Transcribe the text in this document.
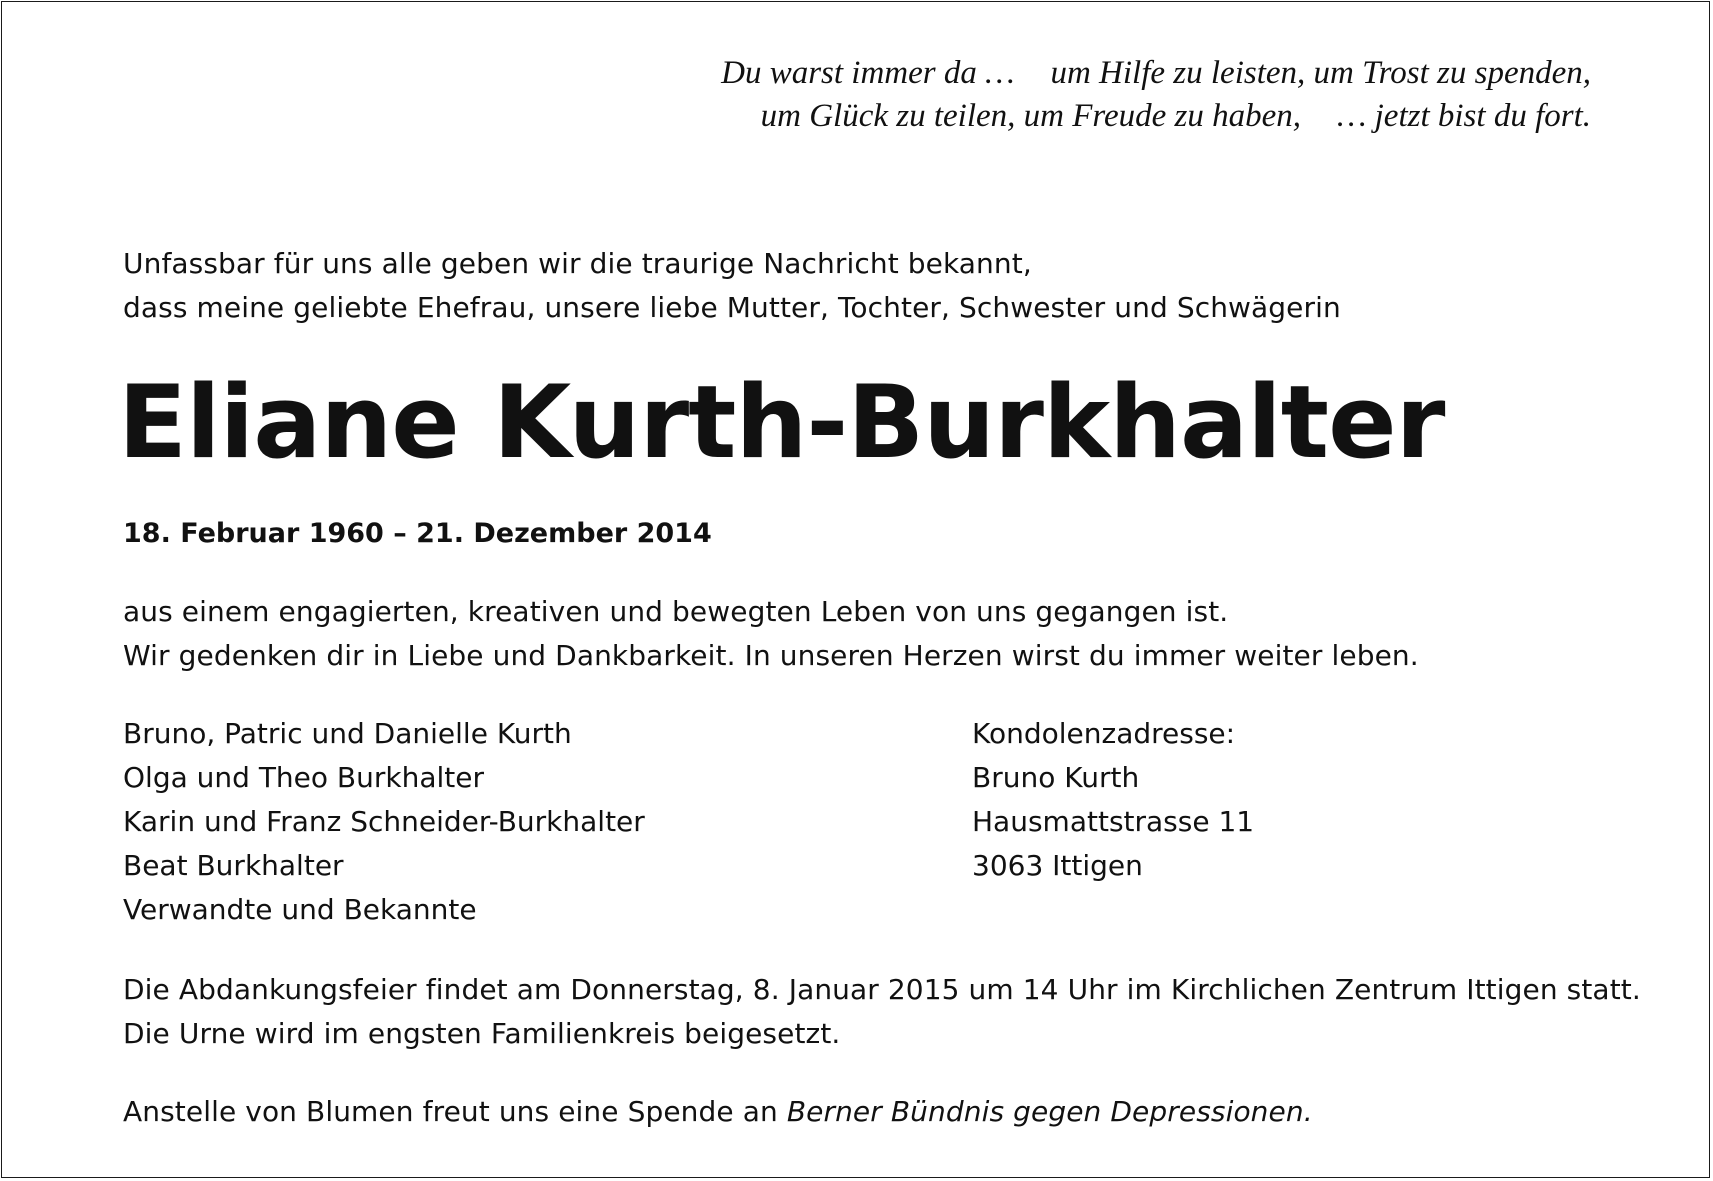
Du warst immer da … um Hilfe zu leisten, um Trost zu spenden,
um Glück zu teilen, um Freude zu haben, … jetzt bist du fort.
Unfassbar für uns alle geben wir die traurige Nachricht bekannt,
dass meine geliebte Ehefrau, unsere liebe Mutter, Tochter, Schwester und Schwägerin
Eliane Kurth-Burkhalter
18. Februar 1960 – 21. Dezember 2014
aus einem engagierten, kreativen und bewegten Leben von uns gegangen ist.
Wir gedenken dir in Liebe und Dankbarkeit. In unseren Herzen wirst du immer weiter leben.
Bruno, Patric und Danielle Kurth
Olga und Theo Burkhalter
Karin und Franz Schneider-Burkhalter
Beat Burkhalter
Verwandte und Bekannte
Kondolenzadresse:
Bruno Kurth
Hausmattstrasse 11
3063 Ittigen
Die Abdankungsfeier findet am Donnerstag, 8. Januar 2015 um 14 Uhr im Kirchlichen Zentrum Ittigen statt.
Die Urne wird im engsten Familienkreis beigesetzt.
Anstelle von Blumen freut uns eine Spende an Berner Bündnis gegen Depressionen.
